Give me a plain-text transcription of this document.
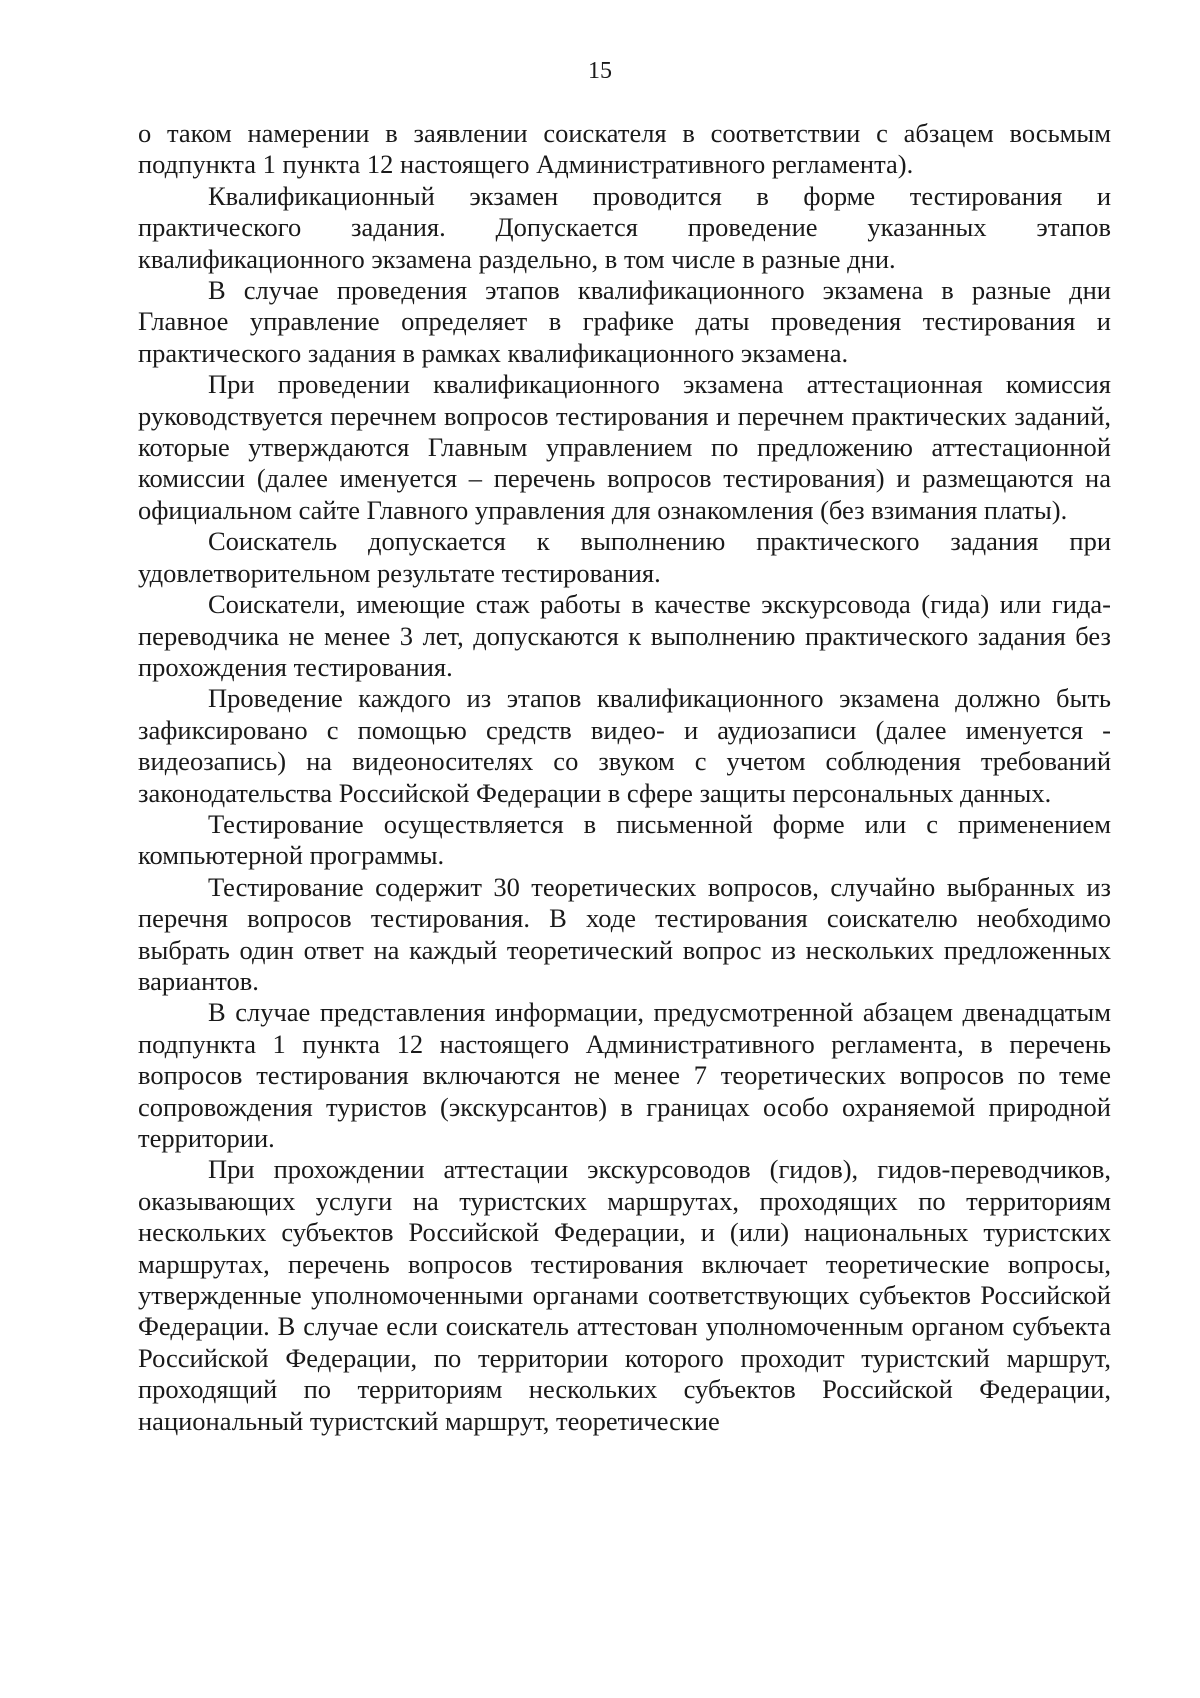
15

о таком намерении в заявлении соискателя в соответствии с абзацем восьмым подпункта 1 пункта 12 настоящего Административного регламента).

Квалификационный экзамен проводится в форме тестирования и практического задания. Допускается проведение указанных этапов квалификационного экзамена раздельно, в том числе в разные дни.

В случае проведения этапов квалификационного экзамена в разные дни Главное управление определяет в графике даты проведения тестирования и практического задания в рамках квалификационного экзамена.

При проведении квалификационного экзамена аттестационная комиссия руководствуется перечнем вопросов тестирования и перечнем практических заданий, которые утверждаются Главным управлением по предложению аттестационной комиссии (далее именуется – перечень вопросов тестирования) и размещаются на официальном сайте Главного управления для ознакомления (без взимания платы).

Соискатель допускается к выполнению практического задания при удовлетворительном результате тестирования.

Соискатели, имеющие стаж работы в качестве экскурсовода (гида) или гида-переводчика не менее 3 лет, допускаются к выполнению практического задания без прохождения тестирования.

Проведение каждого из этапов квалификационного экзамена должно быть зафиксировано с помощью средств видео- и аудиозаписи (далее именуется - видеозапись) на видеоносителях со звуком с учетом соблюдения требований законодательства Российской Федерации в сфере защиты персональных данных.

Тестирование осуществляется в письменной форме или с применением компьютерной программы.

Тестирование содержит 30 теоретических вопросов, случайно выбранных из перечня вопросов тестирования. В ходе тестирования соискателю необходимо выбрать один ответ на каждый теоретический вопрос из нескольких предложенных вариантов.

В случае представления информации, предусмотренной абзацем двенадцатым подпункта 1 пункта 12 настоящего Административного регламента, в перечень вопросов тестирования включаются не менее 7 теоретических вопросов по теме сопровождения туристов (экскурсантов) в границах особо охраняемой природной территории.

При прохождении аттестации экскурсоводов (гидов), гидов-переводчиков, оказывающих услуги на туристских маршрутах, проходящих по территориям нескольких субъектов Российской Федерации, и (или) национальных туристских маршрутах, перечень вопросов тестирования включает теоретические вопросы, утвержденные уполномоченными органами соответствующих субъектов Российской Федерации. В случае если соискатель аттестован уполномоченным органом субъекта Российской Федерации, по территории которого проходит туристский маршрут, проходящий по территориям нескольких субъектов Российской Федерации, национальный туристский маршрут, теоретические
